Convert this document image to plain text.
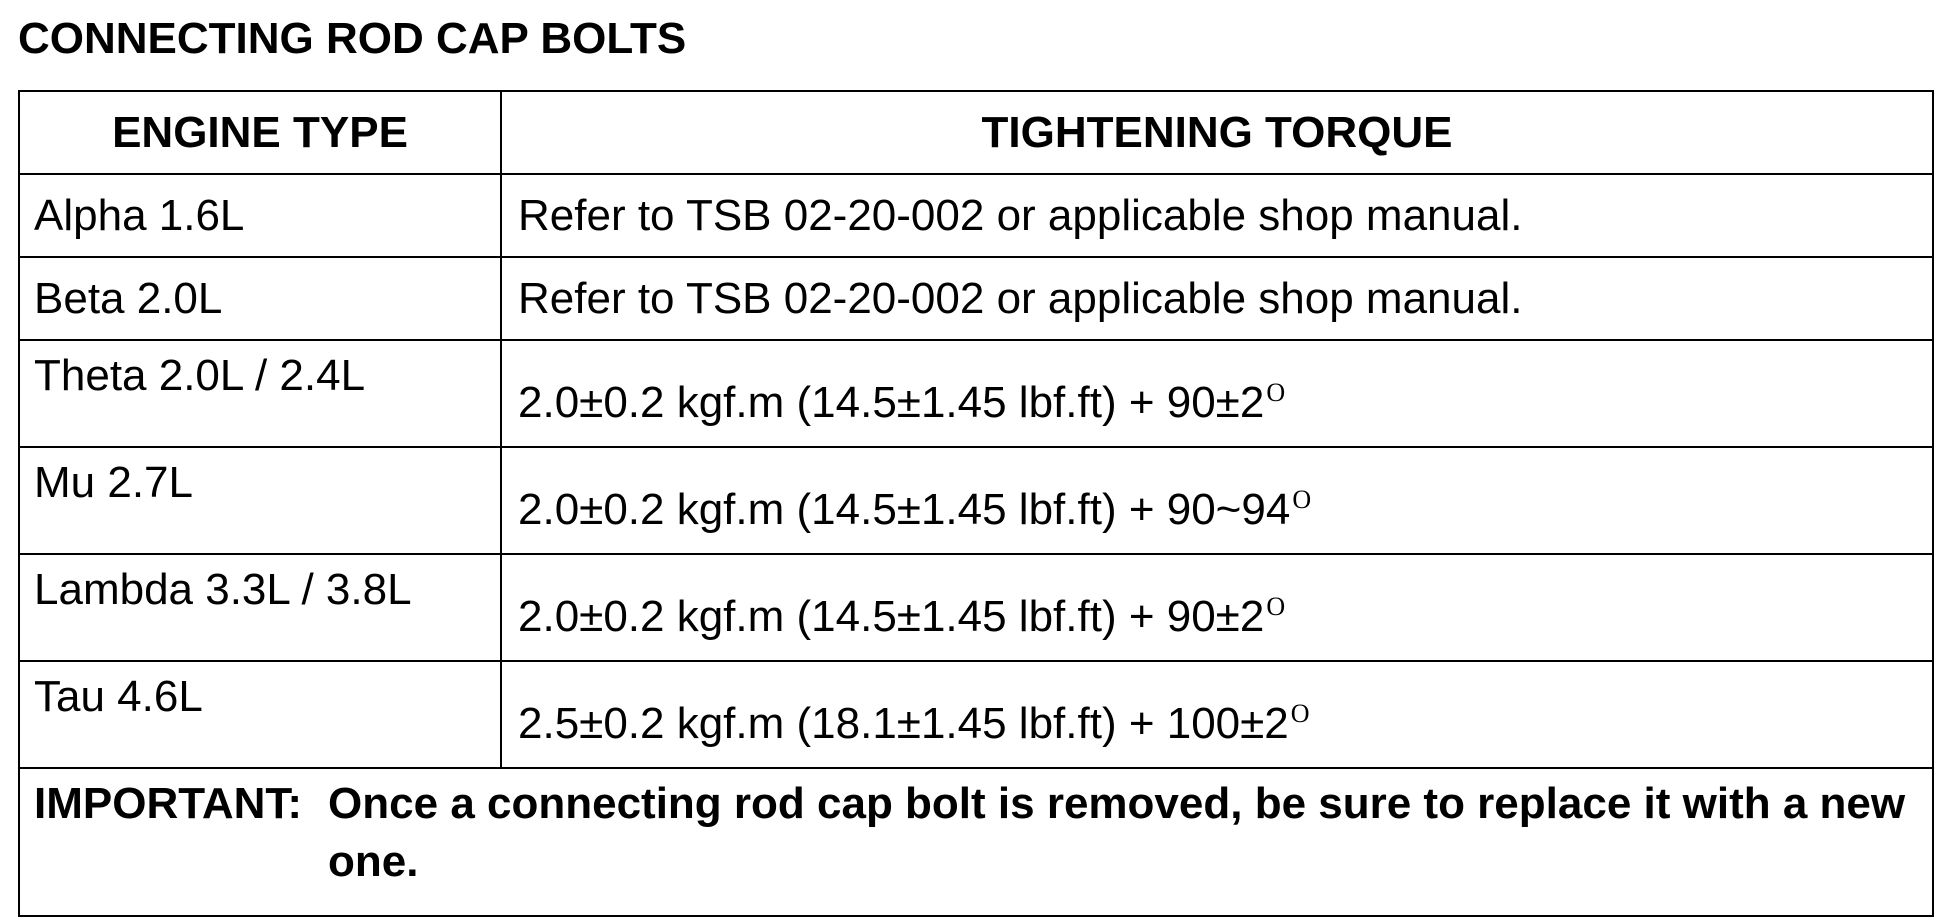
CONNECTING ROD CAP BOLTS
ENGINE TYPE	TIGHTENING TORQUE
Alpha 1.6L	Refer to TSB 02-20-002 or applicable shop manual.
Beta 2.0L	Refer to TSB 02-20-002 or applicable shop manual.
Theta 2.0L / 2.4L	2.0±0.2 kgf.m (14.5±1.45 $lbf.ft) + 90\pm 2^O$
Mu 2.7L	2.0±0.2 kgf.m (14.5±1.45 $lbf.ft) + 90\sim 94^O$
Lambda 3.3L / 3.8L	2.0±0.2 kgf.m (14.5±1.45 $lbf.ft) + 90\pm 2^O$
Tau 4.6L	2.5±0.2 kgf.m (18.1±1.45 $lbf.ft) + 100\pm 2^O$

IMPORTANT: Once a connecting rod cap bolt is removed, be sure to replace it with a new one.	
